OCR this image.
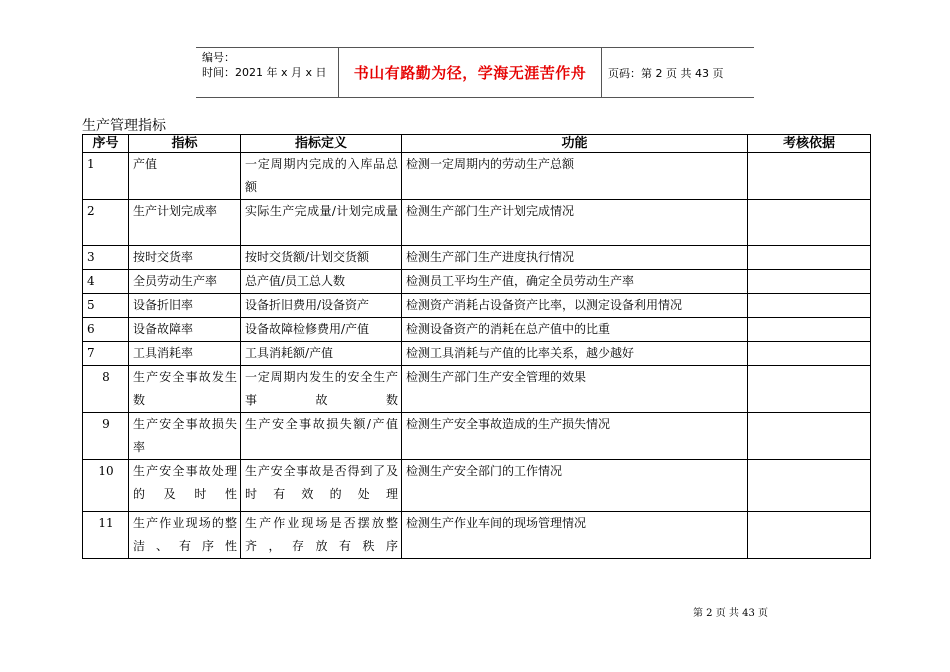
编号：
时间：2021 年 x 月 x 日	书山有路勤为径，学海无涯苦作舟	页码：第 2 页 共 43 页
生产管理指标
序号	指标	指标定义	功能	考核依据
1	产值	一定周期内完成的入库品总额	检测一定周期内的劳动生产总额	
2	生产计划完成率	实际生产完成量/计划完成量	检测生产部门生产计划完成情况	
3	按时交货率	按时交货额/计划交货额	检测生产部门生产进度执行情况	
4	全员劳动生产率	总产值/员工总人数	检测员工平均生产值，确定全员劳动生产率	
5	设备折旧率	设备折旧费用/设备资产	检测资产消耗占设备资产比率，以测定设备利用情况	
6	设备故障率	设备故障检修费用/产值	检测设备资产的消耗在总产值中的比重	
7	工具消耗率	工具消耗额/产值	检测工具消耗与产值的比率关系，越少越好	
8	生产安全事故发生数	一定周期内发生的安全生产事故数	检测生产部门生产安全管理的效果	
9	生产安全事故损失率	生产安全事故损失额/产值	检测生产安全事故造成的生产损失情况	
10	生产安全事故处理的及时性	生产安全事故是否得到了及时有效的处理	检测生产安全部门的工作情况	
11	生产作业现场的整洁、有序性	生产作业现场是否摆放整齐，存放有秩序	检测生产作业车间的现场管理情况	
第 2 页 共 43 页
